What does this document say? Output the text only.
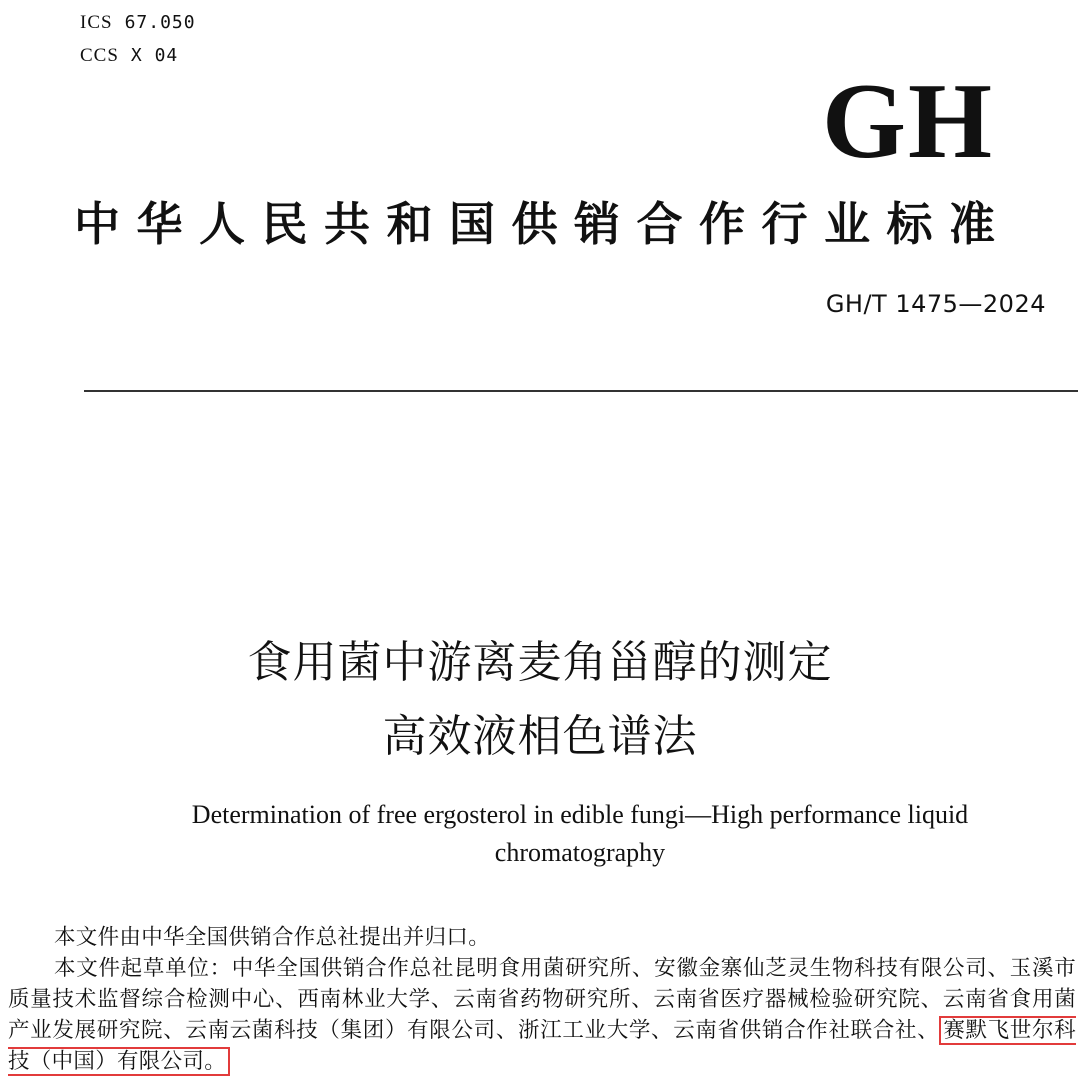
ICS 67.050
CCS X 04
GH
中华人民共和国供销合作行业标准
GH/T 1475—2024
食用菌中游离麦角甾醇的测定
高效液相色谱法
Determination of free ergosterol in edible fungi—High performance liquid
chromatography
本文件由中华全国供销合作总社提出并归口。
本文件起草单位：中华全国供销合作总社昆明食用菌研究所、安徽金寨仙芝灵生物科技有限公司、玉溪市质量技术监督综合检测中心、西南林业大学、云南省药物研究所、云南省医疗器械检验研究院、云南省食用菌产业发展研究院、云南云菌科技（集团）有限公司、浙江工业大学、云南省供销合作社联合社、 赛默飞世尔科技（中国）有限公司。
